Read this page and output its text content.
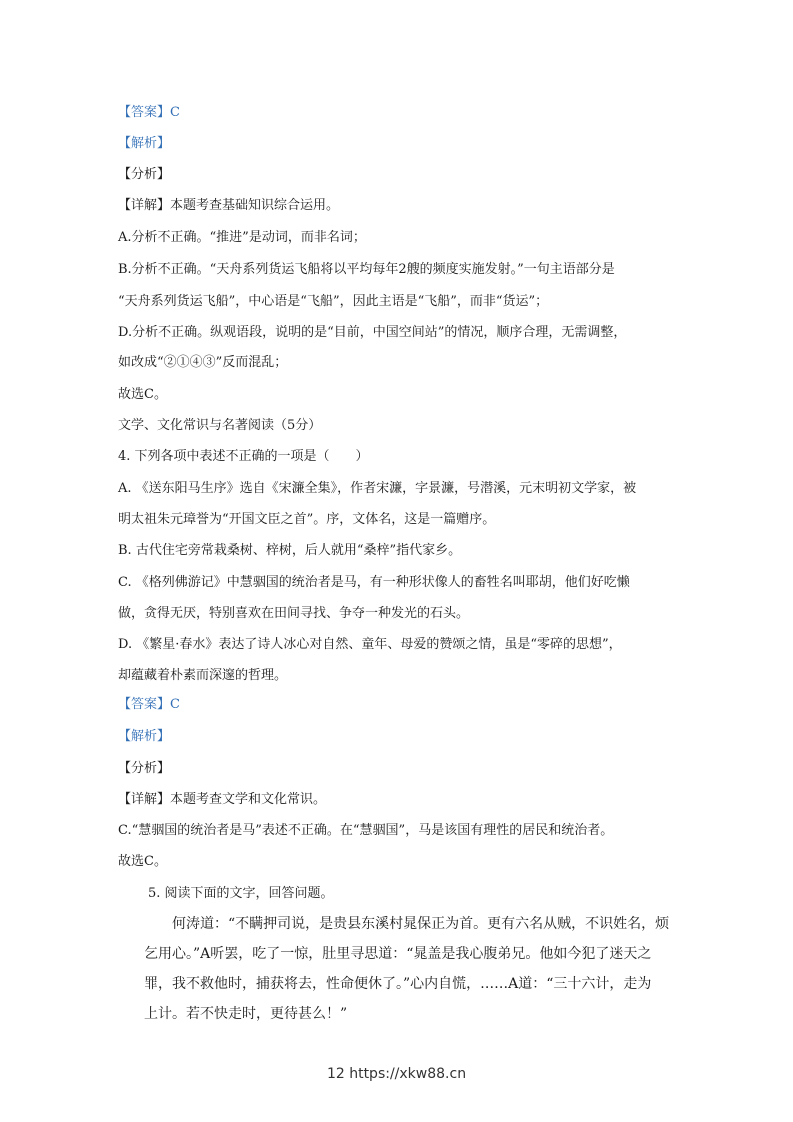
【答案】C
【解析】
【分析】
【详解】本题考查基础知识综合运用。
A.分析不正确。“推进”是动词，而非名词；
B.分析不正确。“天舟系列货运飞船将以平均每年2艘的频度实施发射。”一句主语部分是
“天舟系列货运飞船”，中心语是“飞船”，因此主语是“飞船”，而非“货运”；
D.分析不正确。纵观语段，说明的是“目前，中国空间站”的情况，顺序合理，无需调整，
如改成“②①④③”反而混乱；
故选C。
文学、文化常识与名著阅读（5分）
4. 下列各项中表述不正确的一项是（　　）
A. 《送东阳马生序》选自《宋濂全集》，作者宋濂，字景濂，号潜溪，元末明初文学家，被
明太祖朱元璋誉为“开国文臣之首”。序，文体名，这是一篇赠序。
B. 古代住宅旁常栽桑树、梓树，后人就用“桑梓”指代家乡。
C. 《格列佛游记》中慧骃国的统治者是马，有一种形状像人的畜牲名叫耶胡，他们好吃懒
做，贪得无厌，特别喜欢在田间寻找、争夺一种发光的石头。
D. 《繁星·春水》表达了诗人冰心对自然、童年、母爱的赞颂之情，虽是“零碎的思想”，
却蕴藏着朴素而深邃的哲理。
【答案】C
【解析】
【分析】
【详解】本题考查文学和文化常识。
C.“慧骃国的统治者是马”表述不正确。在“慧骃国”，马是该国有理性的居民和统治者。
故选C。
5. 阅读下面的文字，回答问题。
何涛道：“不瞒押司说，是贵县东溪村晁保正为首。更有六名从贼，不识姓名，烦
乞用心。”A听罢，吃了一惊，肚里寻思道：“晁盖是我心腹弟兄。他如今犯了迷天之
罪，我不救他时，捕获将去，性命便休了。”心内自慌，……A道：“三十六计，走为
上计。若不快走时，更待甚么！”
12 https://xkw88.cn
